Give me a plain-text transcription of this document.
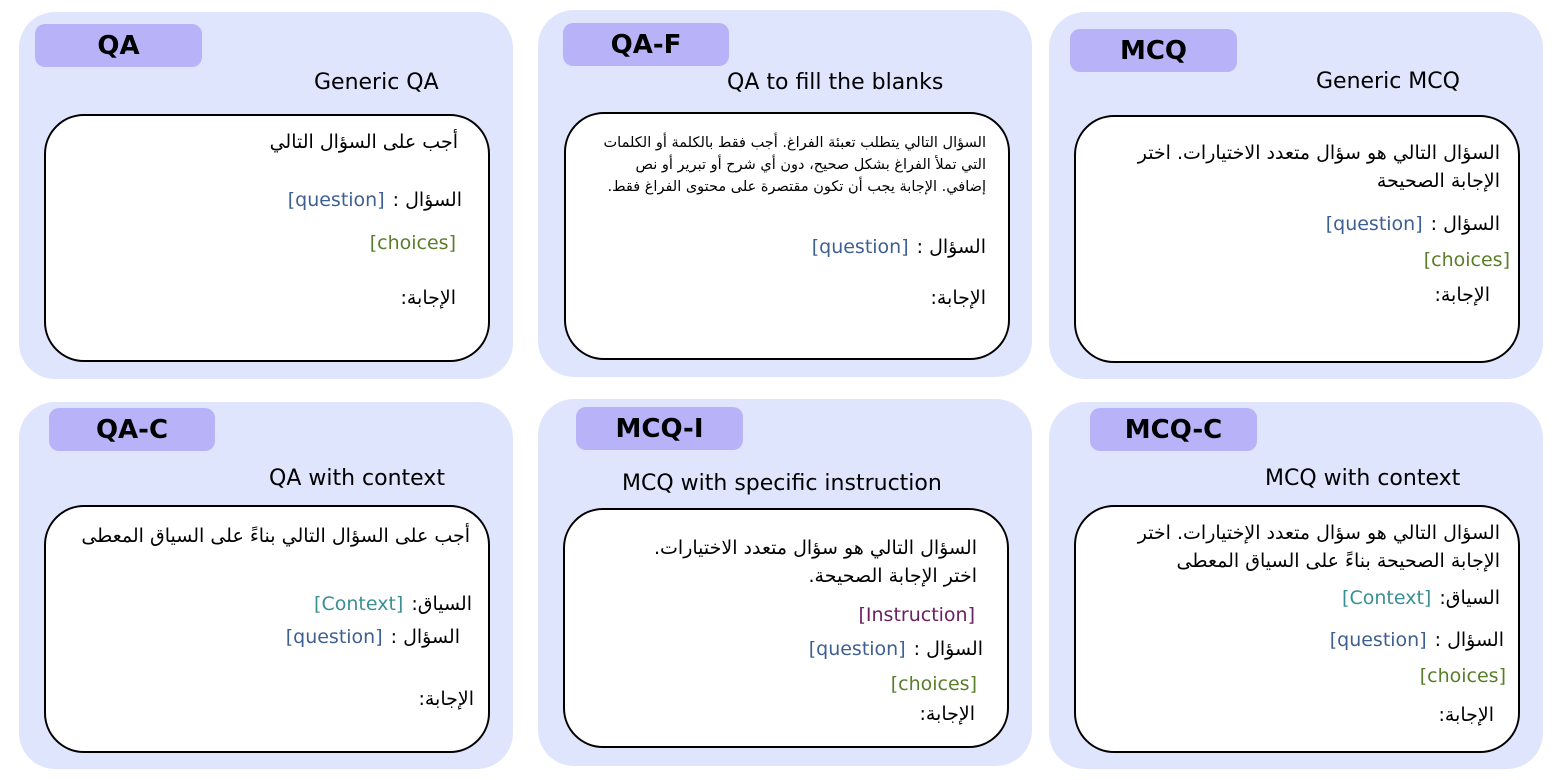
QA
Generic QA
أجب على السؤال التالي
[question] السؤال :
[choices]
الإجابة:
QA-F
QA to fill the blanks
السؤال التالي يتطلب تعبئة الفراغ. أجب فقط بالكلمة أو الكلمات التي تملأ الفراغ بشكل صحيح، دون أي شرح أو تبرير أو نص إضافي. الإجابة يجب أن تكون مقتصرة على محتوى الفراغ فقط.
[question] السؤال :
الإجابة:
MCQ
Generic MCQ
السؤال التالي هو سؤال متعدد الاختيارات. اختر الإجابة الصحيحة
[question] السؤال :
[choices]
الإجابة:
QA-C
QA with context
أجب على السؤال التالي بناءً على السياق المعطى
[Context] السياق:
[question] السؤال :
الإجابة:
MCQ-I
MCQ with specific instruction
السؤال التالي هو سؤال متعدد الاختيارات. اختر الإجابة الصحيحة.
[Instruction]
[question] السؤال :
[choices]
الإجابة:
MCQ-C
MCQ with context
السؤال التالي هو سؤال متعدد الإختيارات. اختر الإجابة الصحيحة بناءً على السياق المعطى
[Context] السياق:
[question] السؤال :
[choices]
الإجابة:
